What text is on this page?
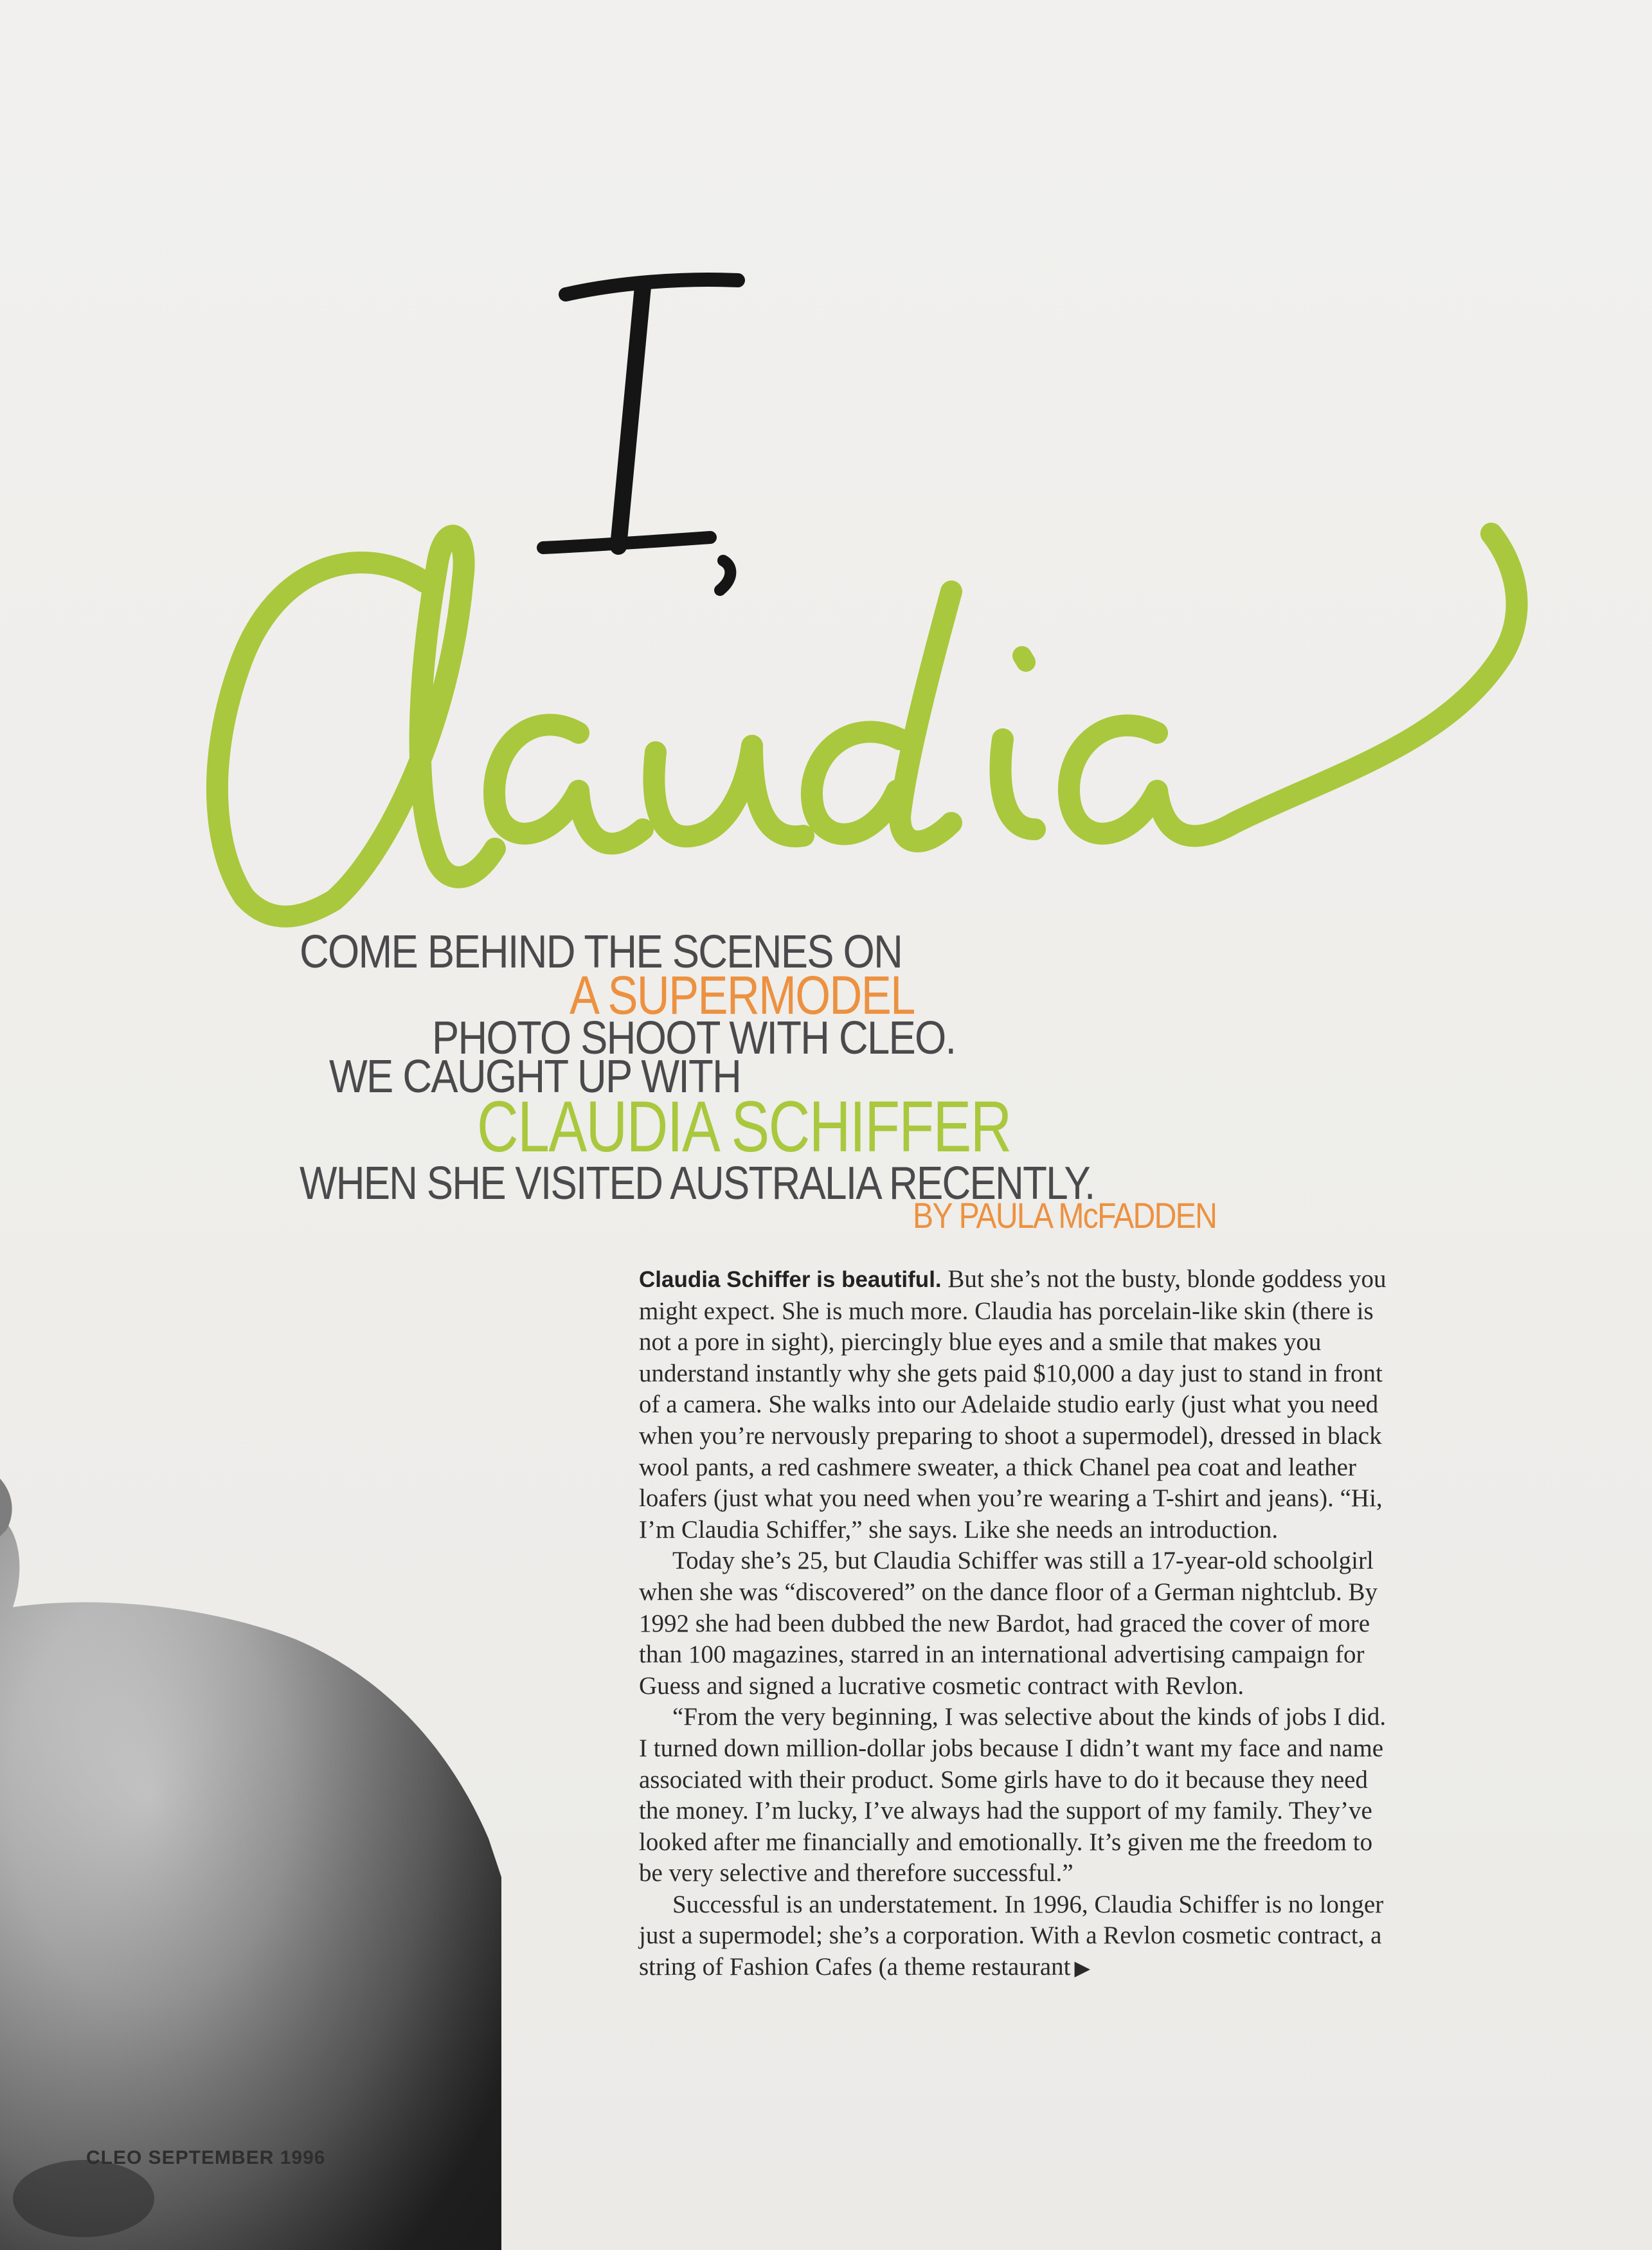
COME BEHIND THE SCENES ON
A SUPERMODEL
PHOTO SHOOT WITH CLEO.
WE CAUGHT UP WITH
CLAUDIA SCHIFFER
WHEN SHE VISITED AUSTRALIA RECENTLY.
BY PAULA McFADDEN

Claudia Schiffer is beautiful. But she’s not the busty, blonde goddess you might expect. She is much more. Claudia has porcelain-like skin (there is not a pore in sight), piercingly blue eyes and a smile that makes you understand instantly why she gets paid $10,000 a day just to stand in front of a camera. She walks into our Adelaide studio early (just what you need when you’re nervously preparing to shoot a supermodel), dressed in black wool pants, a red cashmere sweater, a thick Chanel pea coat and leather loafers (just what you need when you’re wearing a T-shirt and jeans). “Hi, I’m Claudia Schiffer,” she says. Like she needs an introduction.

Today she’s 25, but Claudia Schiffer was still a 17-year-old schoolgirl when she was “discovered” on the dance floor of a German nightclub. By 1992 she had been dubbed the new Bardot, had graced the cover of more than 100 magazines, starred in an international advertising campaign for Guess and signed a lucrative cosmetic contract with Revlon.

“From the very beginning, I was selective about the kinds of jobs I did. I turned down million-dollar jobs because I didn’t want my face and name associated with their product. Some girls have to do it because they need the money. I’m lucky, I’ve always had the support of my family. They’ve looked after me financially and emotionally. It’s given me the freedom to be very selective and therefore successful.”

Successful is an understatement. In 1996, Claudia Schiffer is no longer just a supermodel; she’s a corporation. With a Revlon cosmetic contract, a string of Fashion Cafes (a theme restaurant ▶

CLEO SEPTEMBER 1996
